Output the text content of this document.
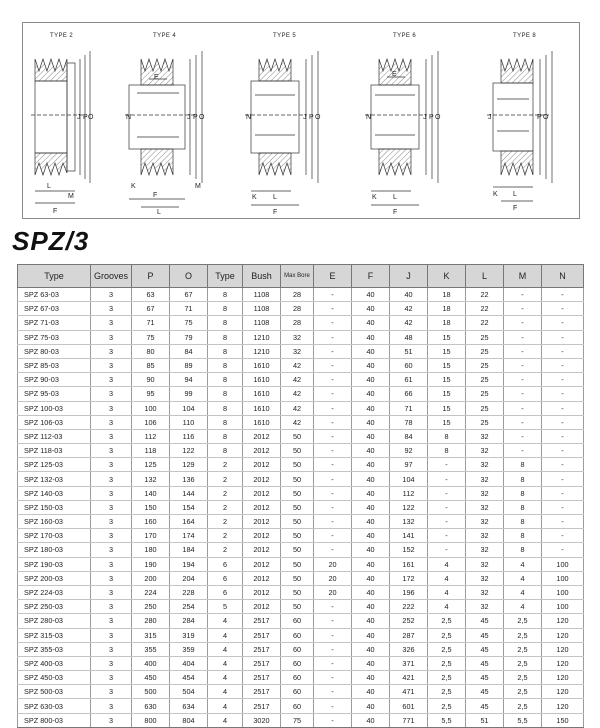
J P O
L
M
F
N
E
J P O
K
F
L
M
N	J P O
K L
F
N
E
J P O
K L
F
J	P O
K L
F
TYPE 2	TYPE 4	TYPE 5	TYPE 6	TYPE 8
SPZ/3
Type	Grooves	P	O	Type	Bush	Max Bore	E	F	J	K	L	M	N
SPZ 63-03	3	63	67	8	1108	28	-	40	40	18	22	-	-
SPZ 67-03	3	67	71	8	1108	28	-	40	42	18	22	-	-
SPZ 71-03	3	71	75	8	1108	28	-	40	42	18	22	-	-
SPZ 75-03	3	75	79	8	1210	32	-	40	48	15	25	-	-
SPZ 80-03	3	80	84	8	1210	32	-	40	51	15	25	-	-
SPZ 85-03	3	85	89	8	1610	42	-	40	60	15	25	-	-
SPZ 90-03	3	90	94	8	1610	42	-	40	61	15	25	-	-
SPZ 95-03	3	95	99	8	1610	42	-	40	66	15	25	-	-
SPZ 100-03	3	100	104	8	1610	42	-	40	71	15	25	-	-
SPZ 106-03	3	106	110	8	1610	42	-	40	78	15	25	-	-
SPZ 112-03	3	112	116	8	2012	50	-	40	84	8	32	-	-
SPZ 118-03	3	118	122	8	2012	50	-	40	92	8	32	-	-
SPZ 125-03	3	125	129	2	2012	50	-	40	97	-	32	8	-
SPZ 132-03	3	132	136	2	2012	50	-	40	104	-	32	8	-
SPZ 140-03	3	140	144	2	2012	50	-	40	112	-	32	8	-
SPZ 150-03	3	150	154	2	2012	50	-	40	122	-	32	8	-
SPZ 160-03	3	160	164	2	2012	50	-	40	132	-	32	8	-
SPZ 170-03	3	170	174	2	2012	50	-	40	141	-	32	8	-
SPZ 180-03	3	180	184	2	2012	50	-	40	152	-	32	8	-
SPZ 190-03	3	190	194	6	2012	50	20	40	161	4	32	4	100
SPZ 200-03	3	200	204	6	2012	50	20	40	172	4	32	4	100
SPZ 224-03	3	224	228	6	2012	50	20	40	196	4	32	4	100
SPZ 250-03	3	250	254	5	2012	50	-	40	222	4	32	4	100
SPZ 280-03	3	280	284	4	2517	60	-	40	252	2,5	45	2,5	120
SPZ 315-03	3	315	319	4	2517	60	-	40	287	2,5	45	2,5	120
SPZ 355-03	3	355	359	4	2517	60	-	40	326	2,5	45	2,5	120
SPZ 400-03	3	400	404	4	2517	60	-	40	371	2,5	45	2,5	120
SPZ 450-03	3	450	454	4	2517	60	-	40	421	2,5	45	2,5	120
SPZ 500-03	3	500	504	4	2517	60	-	40	471	2,5	45	2,5	120
SPZ 630-03	3	630	634	4	2517	60	-	40	601	2,5	45	2,5	120
SPZ 800-03	3	800	804	4	3020	75	-	40	771	5,5	51	5,5	150
